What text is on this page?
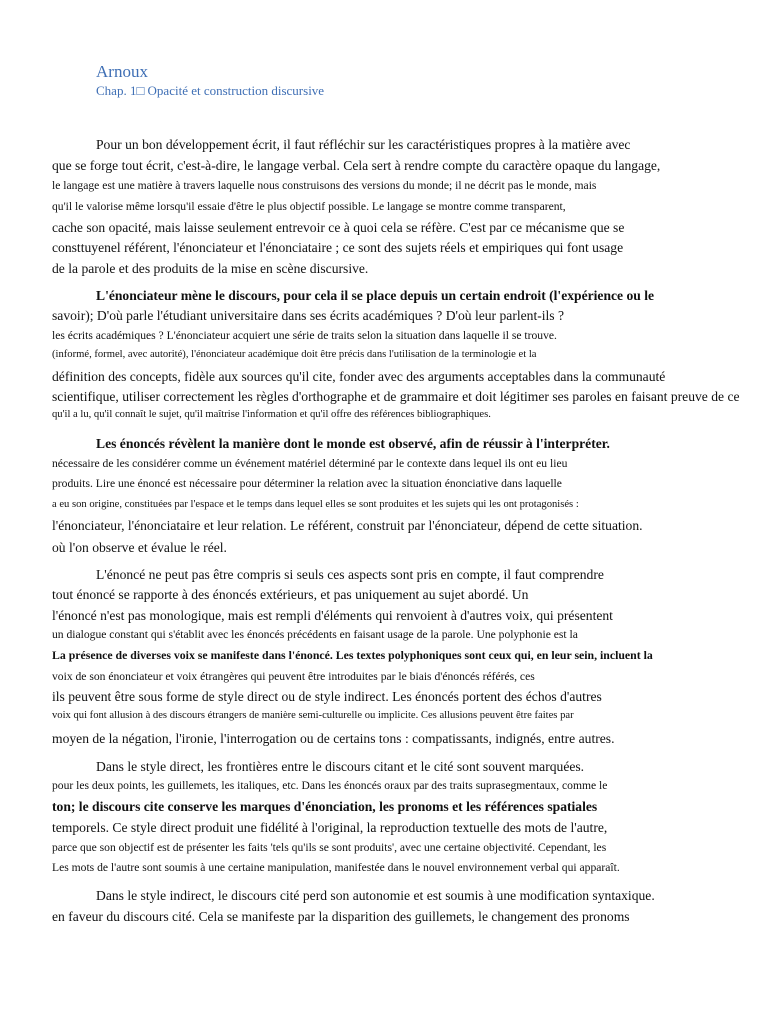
Arnoux
Chap. 1□ Opacité et construction discursive
Pour un bon développement écrit, il faut réfléchir sur les caractéristiques propres à la matière avec
que se forge tout écrit, c'est-à-dire, le langage verbal. Cela sert à rendre compte du caractère opaque du langage,
le langage est une matière à travers laquelle nous construisons des versions du monde; il ne décrit pas le monde, mais
qu'il le valorise même lorsqu'il essaie d'être le plus objectif possible. Le langage se montre comme transparent,
cache son opacité, mais laisse seulement entrevoir ce à quoi cela se réfère. C'est par ce mécanisme que se
consttuyenel référent, l'énonciateur et l'énonciataire ; ce sont des sujets réels et empiriques qui font usage
de la parole et des produits de la mise en scène discursive.
L'énonciateur mène le discours, pour cela il se place depuis un certain endroit (l'expérience ou le
savoir); D'où parle l'étudiant universitaire dans ses écrits académiques ? D'où leur parlent-ils ?
les écrits académiques ? L'énonciateur acquiert une série de traits selon la situation dans laquelle il se trouve.
(informé, formel, avec autorité), l'énonciateur académique doit être précis dans l'utilisation de la terminologie et la
définition des concepts, fidèle aux sources qu'il cite, fonder avec des arguments acceptables dans la communauté
scientifique, utiliser correctement les règles d'orthographe et de grammaire et doit légitimer ses paroles en faisant preuve de ce
qu'il a lu, qu'il connaît le sujet, qu'il maîtrise l'information et qu'il offre des références bibliographiques.
Les énoncés révèlent la manière dont le monde est observé, afin de réussir à l'interpréter.
nécessaire de les considérer comme un événement matériel déterminé par le contexte dans lequel ils ont eu lieu
produits. Lire une énoncé est nécessaire pour déterminer la relation avec la situation énonciative dans laquelle
a eu son origine, constituées par l'espace et le temps dans lequel elles se sont produites et les sujets qui les ont protagonisés :
l'énonciateur, l'énonciataire et leur relation. Le référent, construit par l'énonciateur, dépend de cette situation.
où l'on observe et évalue le réel.
L'énoncé ne peut pas être compris si seuls ces aspects sont pris en compte, il faut comprendre
tout énoncé se rapporte à des énoncés extérieurs, et pas uniquement au sujet abordé. Un
l'énoncé n'est pas monologique, mais est rempli d'éléments qui renvoient à d'autres voix, qui présentent
un dialogue constant qui s'établit avec les énoncés précédents en faisant usage de la parole. Une polyphonie est la
La présence de diverses voix se manifeste dans l'énoncé. Les textes polyphoniques sont ceux qui, en leur sein, incluent la
voix de son énonciateur et voix étrangères qui peuvent être introduites par le biais d'énoncés référés, ces
ils peuvent être sous forme de style direct ou de style indirect. Les énoncés portent des échos d'autres
voix qui font allusion à des discours étrangers de manière semi-culturelle ou implicite. Ces allusions peuvent être faites par
moyen de la négation, l'ironie, l'interrogation ou de certains tons : compatissants, indignés, entre autres.
Dans le style direct, les frontières entre le discours citant et le cité sont souvent marquées.
pour les deux points, les guillemets, les italiques, etc. Dans les énoncés oraux par des traits suprasegmentaux, comme le
ton; le discours cite conserve les marques d'énonciation, les pronoms et les références spatiales
temporels. Ce style direct produit une fidélité à l'original, la reproduction textuelle des mots de l'autre,
parce que son objectif est de présenter les faits 'tels qu'ils se sont produits', avec une certaine objectivité. Cependant, les
Les mots de l'autre sont soumis à une certaine manipulation, manifestée dans le nouvel environnement verbal qui apparaît.
Dans le style indirect, le discours cité perd son autonomie et est soumis à une modification syntaxique.
en faveur du discours cité. Cela se manifeste par la disparition des guillemets, le changement des pronoms
